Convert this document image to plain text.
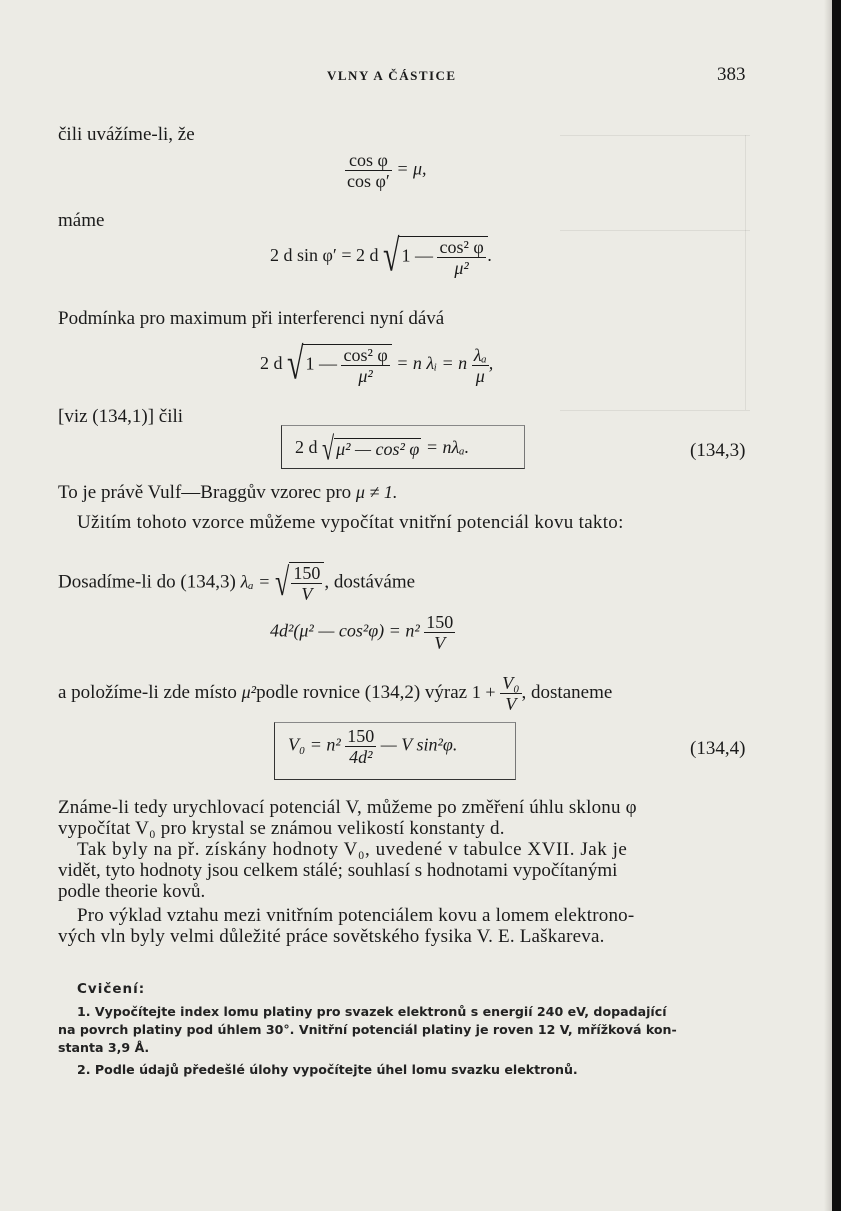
VLNY A ČÁSTICE	383
čili uvážíme-li, že
$\frac{\text{cos φ}}{\text{cos φ′}} = \mu$,
máme
2 d sin φ′ = 2 d √ 1 — $\frac{\text{cos² φ}}{\text{μ²}}$ .
Podmínka pro maximum při interferenci nyní dává
2 d √ 1 — $\frac{\text{cos² φ}}{\text{μ²}} = n$ λᵢ = n $\frac{\text{λₐ}}{\mu}$ ,
[viz (134,1)] čili
2 d √ μ² — cos² φ = nλₐ.	(134,3)
To je právě Vulf—Braggův vzorec pro μ ≠ 1.
Užitím tohoto vzorce můžeme vypočítat vnitřní potenciál kovu takto:
Dosadíme-li do (134,3) λₐ = √ $\frac{150}{V}$ , dostáváme
4d²(μ² — $\cos^2\varphi) = n^2 \frac{150}{V}$
a položíme-li zde místo μ²podle rovnice (134,2) výraz $1 + \frac{\text{V₀}}{V}$ , dostaneme
$V_0 = n^2 \frac{150}{\text{4d²}}$ — V sin²φ.	(134,4)
Známe-li tedy urychlovací potenciál V, můžeme po změření úhlu sklonu φ
vypočítat V₀ pro krystal se známou velikostí konstanty d.
Tak byly na př. získány hodnoty V₀, uvedené v tabulce XVII. Jak je
vidět, tyto hodnoty jsou celkem stálé; souhlasí s hodnotami vypočítanými
podle theorie kovů.
Pro výklad vztahu mezi vnitřním potenciálem kovu a lomem elektrono-
vých vln byly velmi důležité práce sovětského fysika V. E. Laškareva.
Cvičení:
1. Vypočítejte index lomu platiny pro svazek elektronů s energií 240 eV, dopadající
na povrch platiny pod úhlem 30°. Vnitřní potenciál platiny je roven 12 V, mřížková kon-
stanta 3,9 Å.
2. Podle údajů předešlé úlohy vypočítejte úhel lomu svazku elektronů.
